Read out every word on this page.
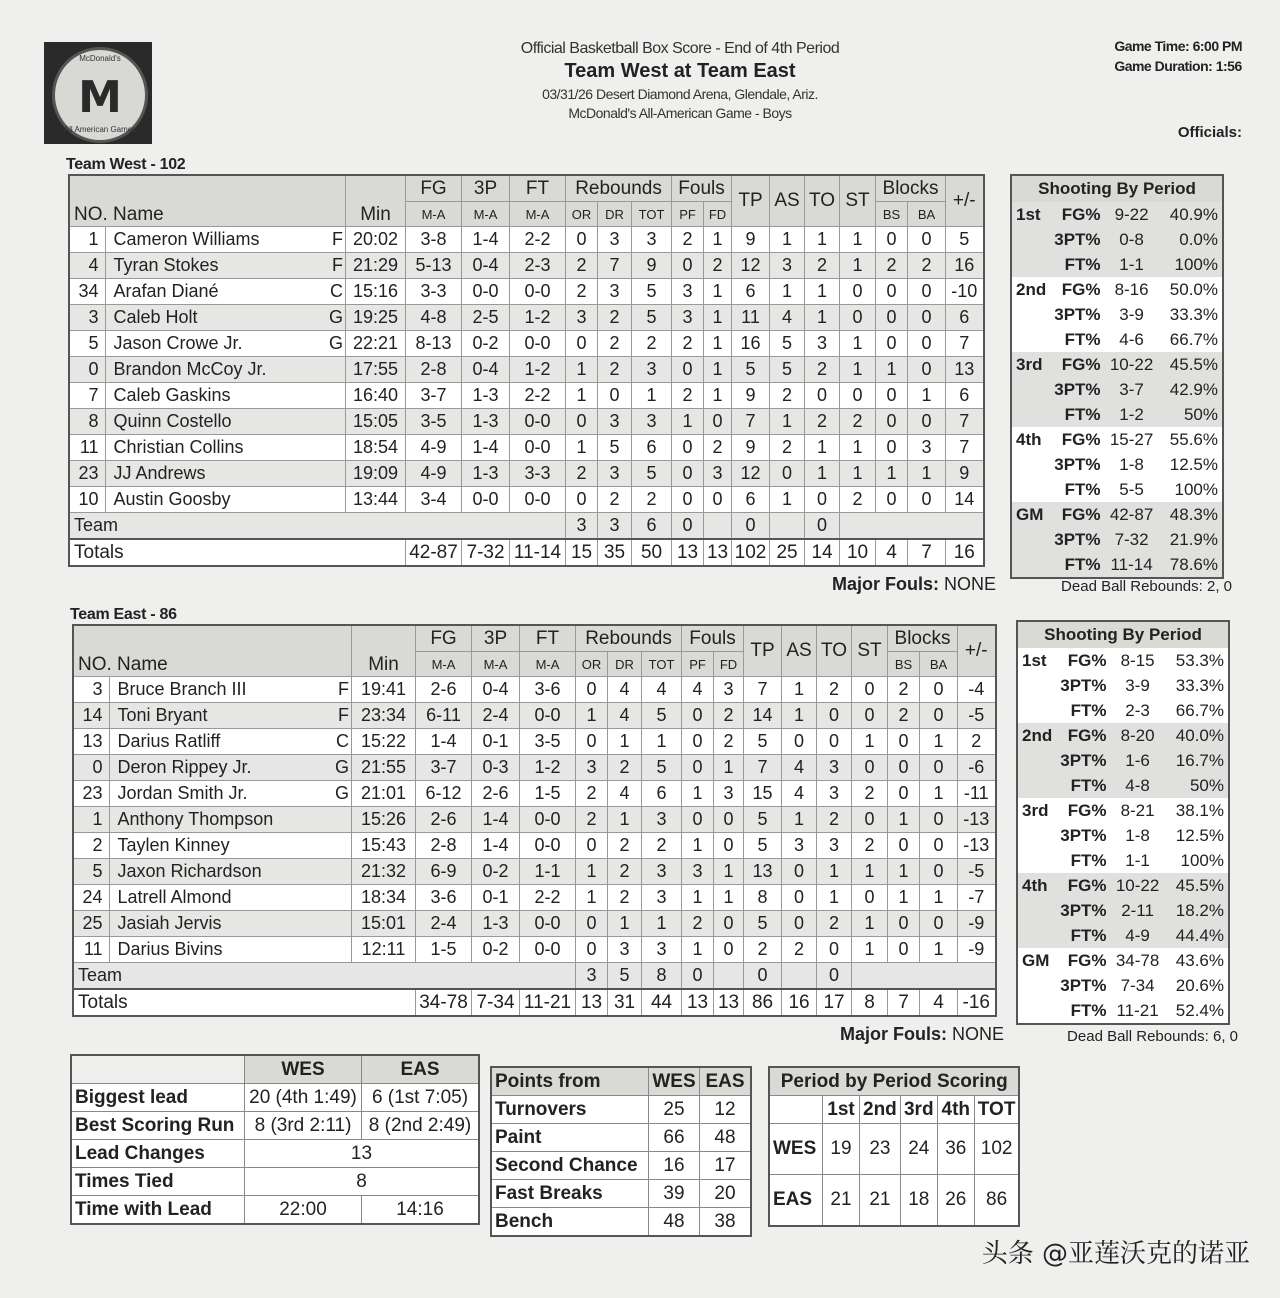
McDonald's
M
All American Games
Official Basketball Box Score - End of 4th Period
Team West at Team East
03/31/26 Desert Diamond Arena, Glendale, Ariz.
McDonald's All-American Game - Boys
Game Time: 6:00 PM
Game Duration: 1:56
Officials:
Team West - 102
NO. Name			Min	FG	3P	FT	Rebounds			Fouls		TP	AS	TO	ST	Blocks		+/-
				M-A	M-A	M-A	OR	DR	TOT	PF	FD					BS	BA	
1	Cameron Williams	F	20:02	3-8	1-4	2-2	0	3	3	2	1	9	1	1	1	0	0	5
4	Tyran Stokes	F	21:29	5-13	0-4	2-3	2	7	9	0	2	12	3	2	1	2	2	16
34	Arafan Diané	C	15:16	3-3	0-0	0-0	2	3	5	3	1	6	1	1	0	0	0	-10
3	Caleb Holt	G	19:25	4-8	2-5	1-2	3	2	5	3	1	11	4	1	0	0	0	6
5	Jason Crowe Jr.	G	22:21	8-13	0-2	0-0	0	2	2	2	1	16	5	3	1	0	0	7
0	Brandon McCoy Jr.		17:55	2-8	0-4	1-2	1	2	3	0	1	5	5	2	1	1	0	13
7	Caleb Gaskins		16:40	3-7	1-3	2-2	1	0	1	2	1	9	2	0	0	0	1	6
8	Quinn Costello		15:05	3-5	1-3	0-0	0	3	3	1	0	7	1	2	2	0	0	7
11	Christian Collins		18:54	4-9	1-4	0-0	1	5	6	0	2	9	2	1	1	0	3	7
23	JJ Andrews		19:09	4-9	1-3	3-3	2	3	5	0	3	12	0	1	1	1	1	9
10	Austin Goosby		13:44	3-4	0-0	0-0	0	2	2	0	0	6	1	0	2	0	0	14
Team							3	3	6	0		0		0				
Totals				42-87	7-32	11-14	15	35	50	13	13	102	25	14	10	4	7	16
Major Fouls: NONE
Shooting By Period			
1st	FG%	9-22	40.9%
	3PT%	0-8	0.0%
	FT%	1-1	100%
2nd	FG%	8-16	50.0%
	3PT%	3-9	33.3%
	FT%	4-6	66.7%
3rd	FG%	10-22	45.5%
	3PT%	3-7	42.9%
	FT%	1-2	50%
4th	FG%	15-27	55.6%
	3PT%	1-8	12.5%
	FT%	5-5	100%
GM	FG%	42-87	48.3%
	3PT%	7-32	21.9%
	FT%	11-14	78.6%
Dead Ball Rebounds: 2, 0
Team East - 86
NO. Name			Min	FG	3P	FT	Rebounds			Fouls		TP	AS	TO	ST	Blocks		+/-
				M-A	M-A	M-A	OR	DR	TOT	PF	FD					BS	BA	
3	Bruce Branch III	F	19:41	2-6	0-4	3-6	0	4	4	4	3	7	1	2	0	2	0	-4
14	Toni Bryant	F	23:34	6-11	2-4	0-0	1	4	5	0	2	14	1	0	0	2	0	-5
13	Darius Ratliff	C	15:22	1-4	0-1	3-5	0	1	1	0	2	5	0	0	1	0	1	2
0	Deron Rippey Jr.	G	21:55	3-7	0-3	1-2	3	2	5	0	1	7	4	3	0	0	0	-6
23	Jordan Smith Jr.	G	21:01	6-12	2-6	1-5	2	4	6	1	3	15	4	3	2	0	1	-11
1	Anthony Thompson		15:26	2-6	1-4	0-0	2	1	3	0	0	5	1	2	0	1	0	-13
2	Taylen Kinney		15:43	2-8	1-4	0-0	0	2	2	1	0	5	3	3	2	0	0	-13
5	Jaxon Richardson		21:32	6-9	0-2	1-1	1	2	3	3	1	13	0	1	1	1	0	-5
24	Latrell Almond		18:34	3-6	0-1	2-2	1	2	3	1	1	8	0	1	0	1	1	-7
25	Jasiah Jervis		15:01	2-4	1-3	0-0	0	1	1	2	0	5	0	2	1	0	0	-9
11	Darius Bivins		12:11	1-5	0-2	0-0	0	3	3	1	0	2	2	0	1	0	1	-9
Team							3	5	8	0		0		0				
Totals				34-78	7-34	11-21	13	31	44	13	13	86	16	17	8	7	4	-16
Major Fouls: NONE
Shooting By Period			
1st	FG%	8-15	53.3%
	3PT%	3-9	33.3%
	FT%	2-3	66.7%
2nd	FG%	8-20	40.0%
	3PT%	1-6	16.7%
	FT%	4-8	50%
3rd	FG%	8-21	38.1%
	3PT%	1-8	12.5%
	FT%	1-1	100%
4th	FG%	10-22	45.5%
	3PT%	2-11	18.2%
	FT%	4-9	44.4%
GM	FG%	34-78	43.6%
	3PT%	7-34	20.6%
	FT%	11-21	52.4%
Dead Ball Rebounds: 6, 0
	WES	EAS
Biggest lead	20 (4th 1:49)	6 (1st 7:05)
Best Scoring Run	8 (3rd 2:11)	8 (2nd 2:49)
Lead Changes	13	
Times Tied	8	
Time with Lead	22:00	14:16
Points from	WES	EAS
Turnovers	25	12
Paint	66	48
Second Chance	16	17
Fast Breaks	39	20
Bench	48	38
Period by Period Scoring					
	1st	2nd	3rd	4th	TOT
WES	19	23	24	36	102
EAS	21	21	18	26	86
头条 @亚莲沃克的诺亚
